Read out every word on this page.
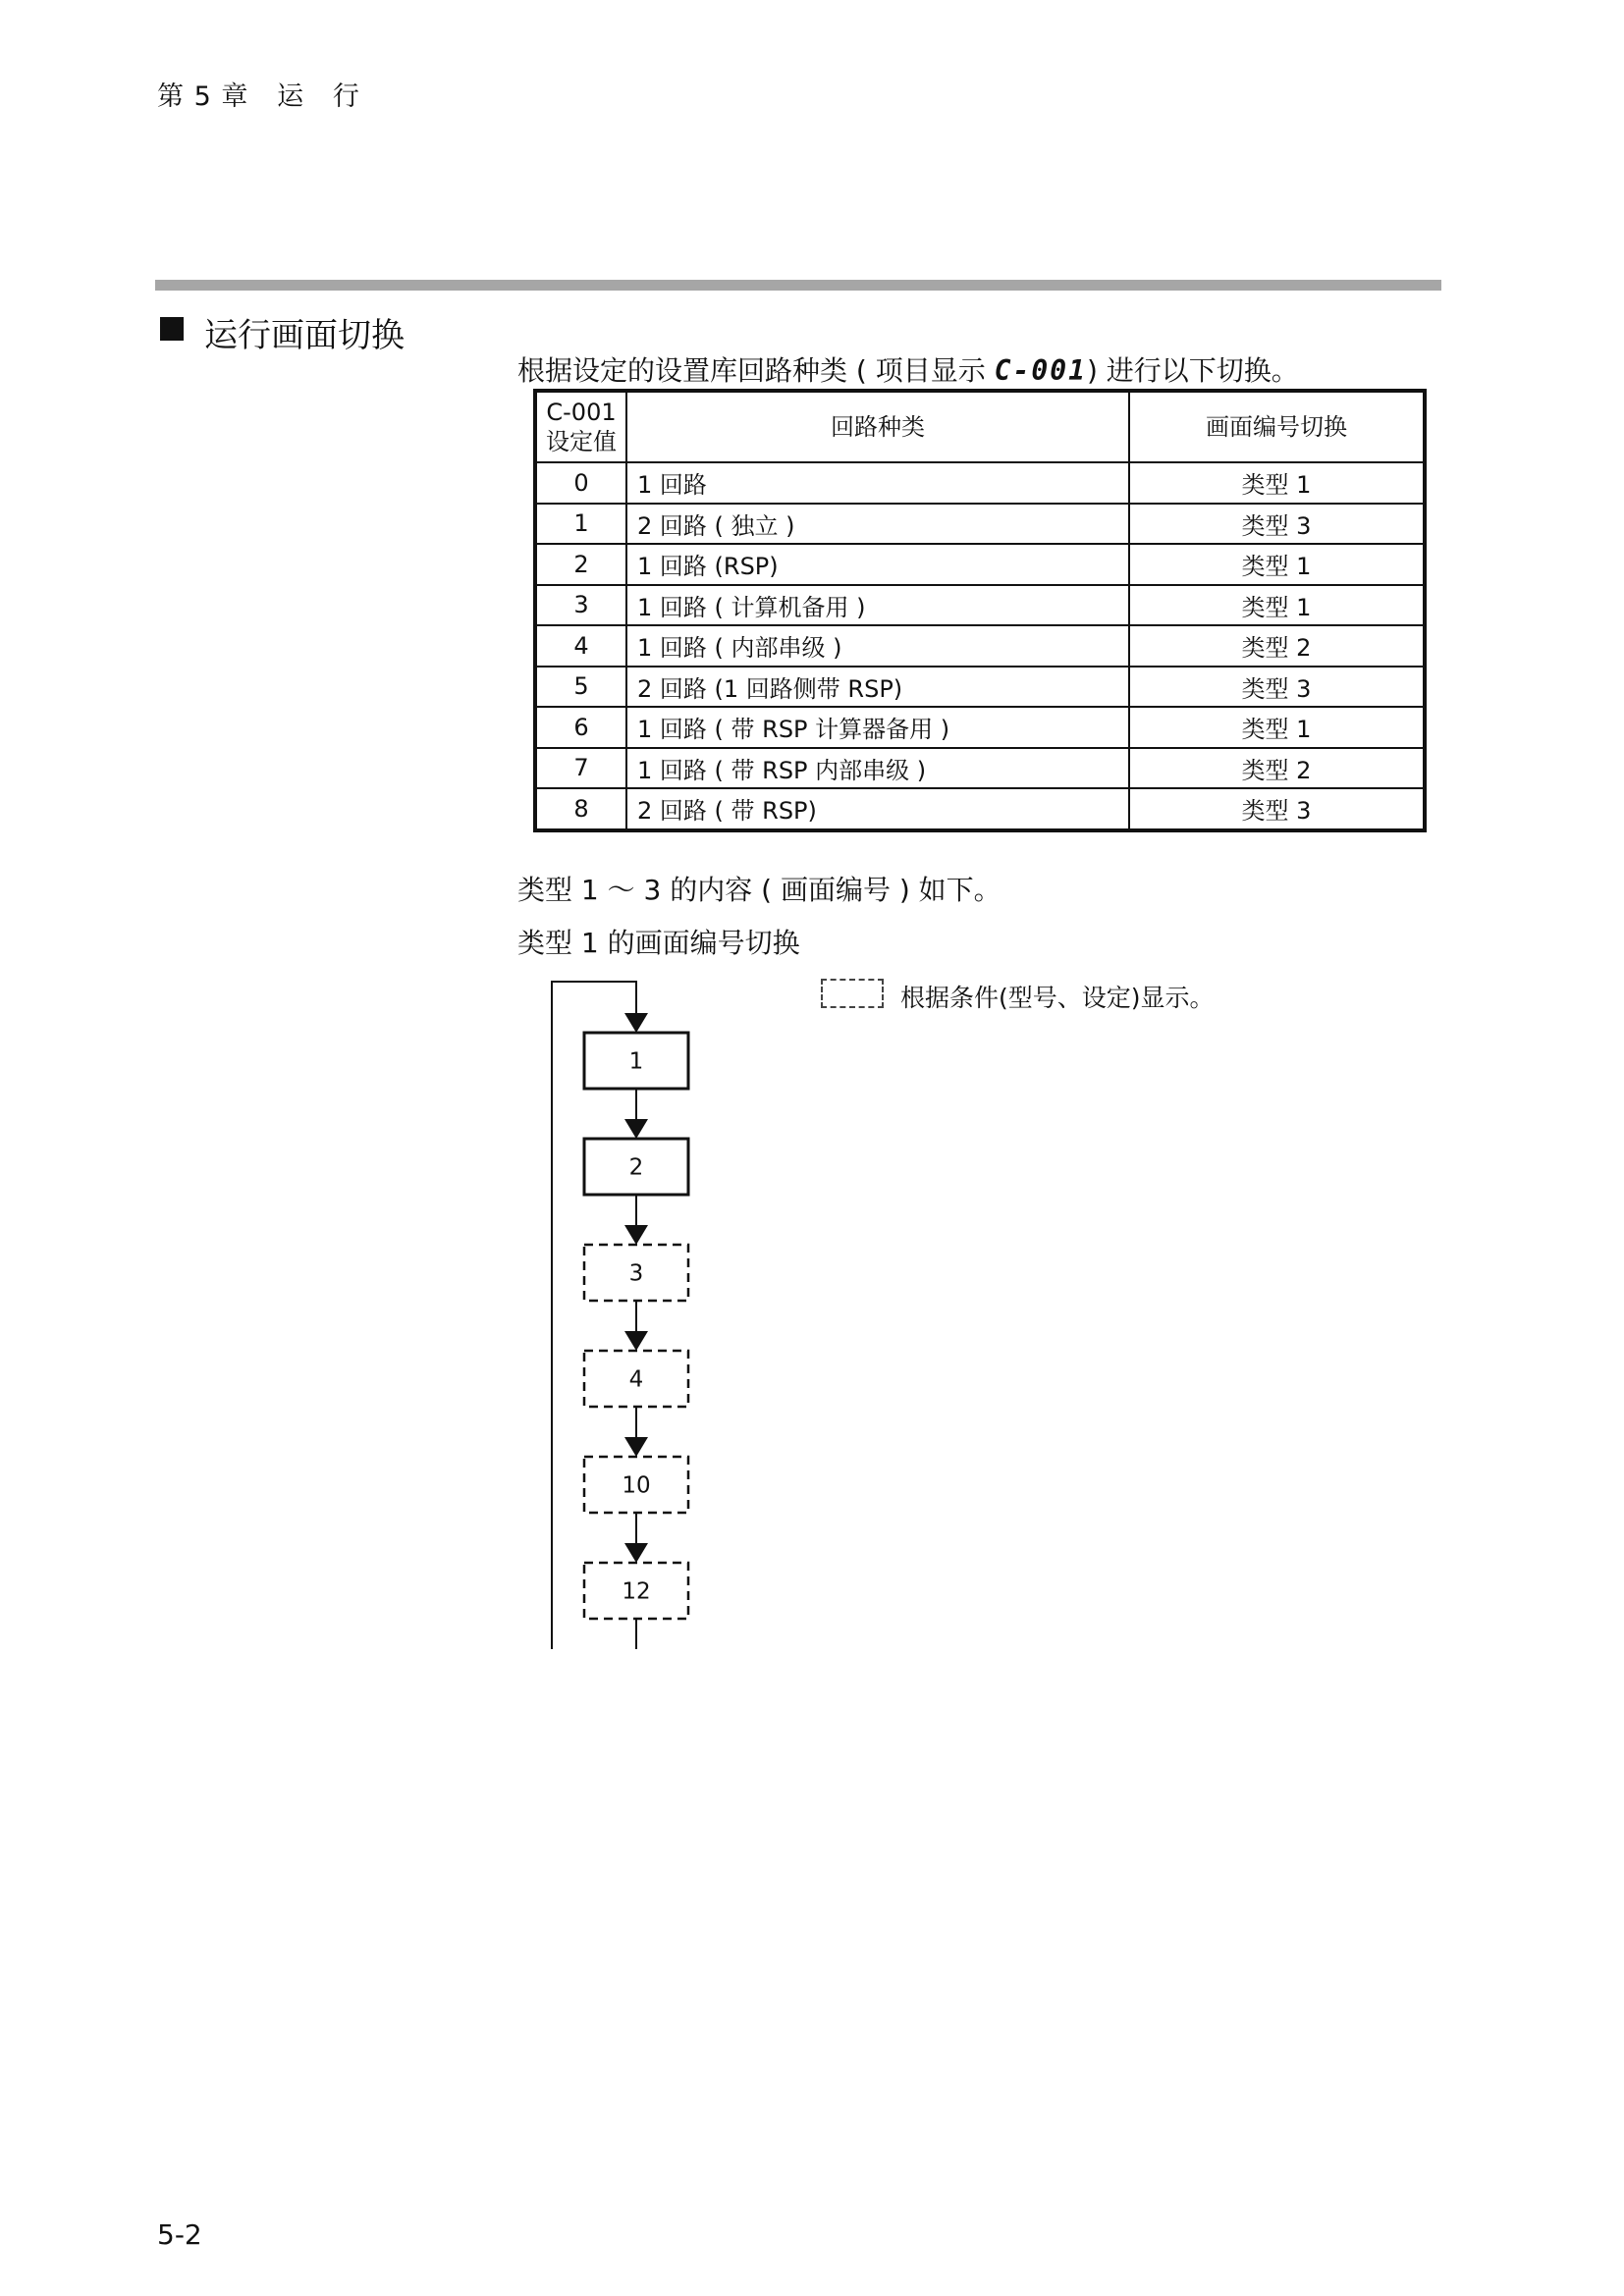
第 5 章 运   行
运行画面切换
根据设定的设置库回路种类 ( 项目显示 C-001) 进行以下切换。
C-001
设定值	回路种类	画面编号切换
0	1 回路	类型 1
1	2 回路 ( 独立 )	类型 3
2	1 回路 (RSP)	类型 1
3	1 回路 ( 计算机备用 )	类型 1
4	1 回路 ( 内部串级 )	类型 2
5	2 回路 (1 回路侧带 RSP)	类型 3
6	1 回路 ( 带 RSP 计算器备用 )	类型 1
7	1 回路 ( 带 RSP 内部串级 )	类型 2
8	2 回路 ( 带 RSP)	类型 3
类型 1 ～ 3 的内容 ( 画面编号 ) 如下。
类型 1 的画面编号切换
根据条件(型号、设定)显示。
1
2
3
4
10
12
5-2
